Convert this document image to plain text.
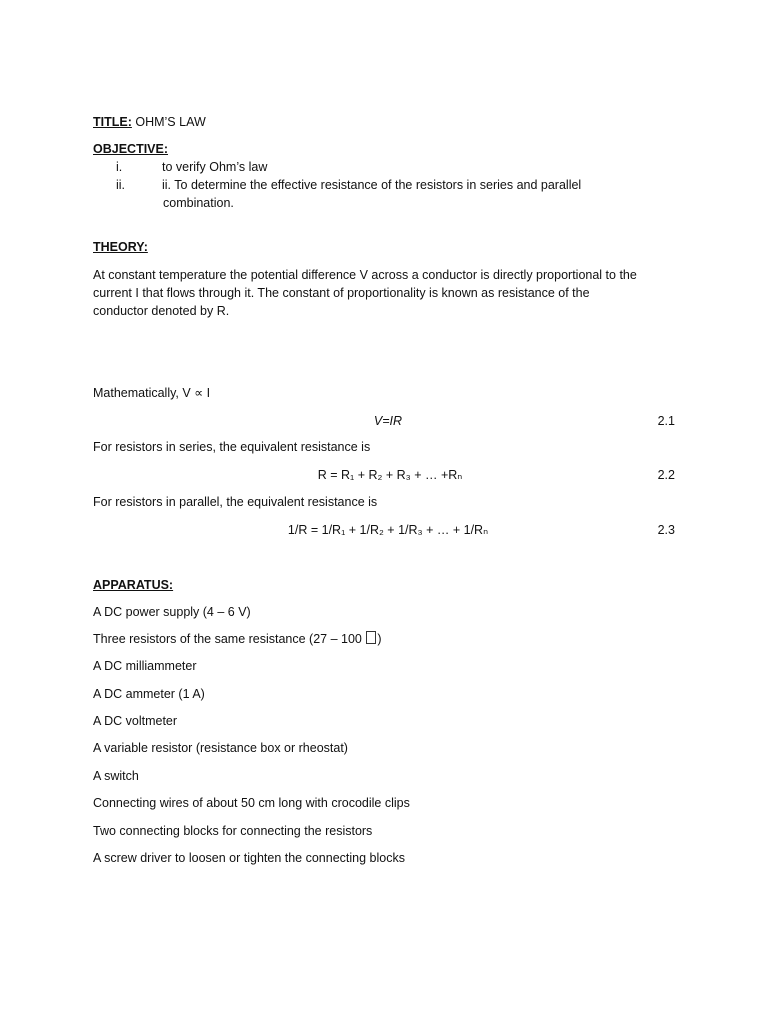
TITLE: OHM’S LAW
OBJECTIVE:
i.	to verify Ohm’s law
ii.	ii. To determine the effective resistance of the resistors in series and parallel
combination.
THEORY:
At constant temperature the potential difference V across a conductor is directly proportional to the
current I that flows through it. The constant of proportionality is known as resistance of the
conductor denoted by R.
Mathematically, V ∝ I
V=IR	2.1
For resistors in series, the equivalent resistance is
R = R₁ + R₂ + R₃ + … +Rₙ	2.2
For resistors in parallel, the equivalent resistance is
1/R = 1/R₁ + 1/R₂ + 1/R₃ + … + 1/Rₙ	2.3
APPARATUS:
A DC power supply (4 – 6 V)
Three resistors of the same resistance (27 – 100 )
A DC milliammeter
A DC ammeter (1 A)
A DC voltmeter
A variable resistor (resistance box or rheostat)
A switch
Connecting wires of about 50 cm long with crocodile clips
Two connecting blocks for connecting the resistors
A screw driver to loosen or tighten the connecting blocks
